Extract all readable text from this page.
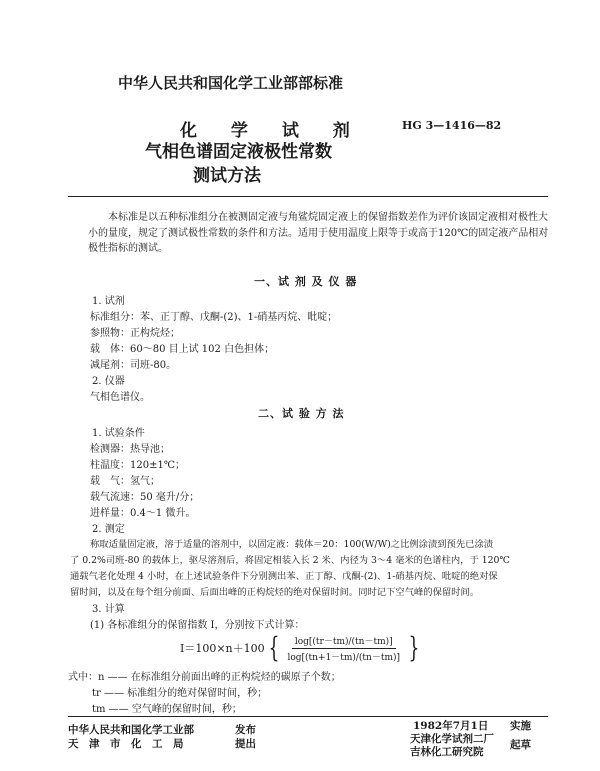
中华人民共和国化学工业部部标准
化 学 试 剂
气相色谱固定液极性常数
测试方法
HG 3—1416—82
本标准是以五种标准组分在被测固定液与角鲨烷固定液上的保留指数差作为评价该固定液相对极性大小的量度，规定了测试极性常数的条件和方法。适用于使用温度上限等于或高于120℃的固定液产品相对极性指标的测试。
一、试 剂 及 仪 器
1. 试剂
标准组分：苯、正丁醇、戊酮-(2)、1-硝基丙烷、吡啶；
参照物：正构烷烃；
载　体：60～80 目上试 102 白色担体；
减尾剂：司班-80。
2. 仪器
气相色谱仪。
二、试 验 方 法
1. 试验条件
检测器：热导池；
柱温度：120±1℃；
载　气：氢气；
载气流速：50 毫升/分；
进样量：0.4～1 微升。
2. 测定
称取适量固定液，溶于适量的溶剂中，以固定液：载体＝20：100(W/W)之比例涂渍到预先已涂渍
了 0.2%司班-80 的载体上，驱尽溶剂后，将固定相装入长 2 米、内径为 3～4 毫米的色谱柱内，于 120℃
通载气老化处理 4 小时，在上述试验条件下分别测出苯、正丁醇、戊酮-(2)、1-硝基丙烷、吡啶的绝对保
留时间，以及在每个组分前面、后面出峰的正构烷烃的绝对保留时间。同时记下空气峰的保留时间。
3. 计算
(1) 各标准组分的保留指数 I，分别按下式计算：
I＝100×n＋100 { $\frac{\log[(tr-tm)/(tn-tm)]}{\log[(tn+1-tm)/(tn-tm)]}$ }
式中：n —— 在标准组分前面出峰的正构烷烃的碳原子个数；
tr —— 标准组分的绝对保留时间，秒；
tm —— 空气峰的保留时间，秒；
中华人民共和国化学工业部	发布
天　津　市　化　工　局	提出
1982年7月1日 实施
天津化学试剂二厂
吉林化工研究院
起草
